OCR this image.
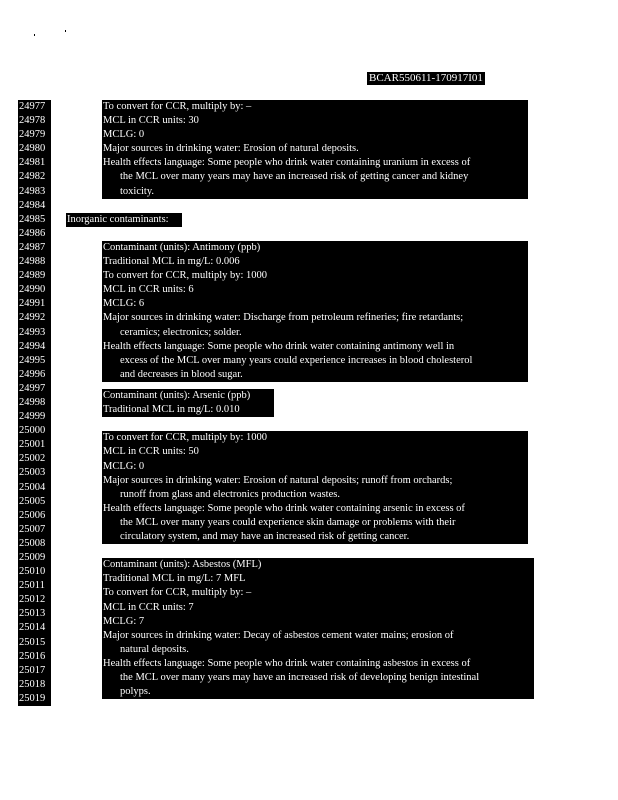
BCAR550611-170917I01
24977
24978
24979
24980
24981
24982
24983
24984
24985
24986
24987
24988
24989
24990
24991
24992
24993
24994
24995
24996
24997
24998
24999
25000
25001
25002
25003
25004
25005
25006
25007
25008
25009
25010
25011
25012
25013
25014
25015
25016
25017
25018
25019
To convert for CCR, multiply by: –
MCL in CCR units: 30
MCLG: 0
Major sources in drinking water: Erosion of natural deposits.
Health effects language: Some people who drink water containing uranium in excess of
the MCL over many years may have an increased risk of getting cancer and kidney
toxicity.
Inorganic contaminants:
Contaminant (units): Antimony (ppb)
Traditional MCL in mg/L: 0.006
To convert for CCR, multiply by: 1000
MCL in CCR units: 6
MCLG: 6
Major sources in drinking water: Discharge from petroleum refineries; fire retardants;
ceramics; electronics; solder.
Health effects language: Some people who drink water containing antimony well in
excess of the MCL over many years could experience increases in blood cholesterol
and decreases in blood sugar.
Contaminant (units): Arsenic (ppb)
Traditional MCL in mg/L: 0.010
To convert for CCR, multiply by: 1000
MCL in CCR units: 50
MCLG: 0
Major sources in drinking water: Erosion of natural deposits; runoff from orchards;
runoff from glass and electronics production wastes.
Health effects language: Some people who drink water containing arsenic in excess of
the MCL over many years could experience skin damage or problems with their
circulatory system, and may have an increased risk of getting cancer.
Contaminant (units): Asbestos (MFL)
Traditional MCL in mg/L: 7 MFL
To convert for CCR, multiply by: –
MCL in CCR units: 7
MCLG: 7
Major sources in drinking water: Decay of asbestos cement water mains; erosion of
natural deposits.
Health effects language: Some people who drink water containing asbestos in excess of
the MCL over many years may have an increased risk of developing benign intestinal
polyps.
